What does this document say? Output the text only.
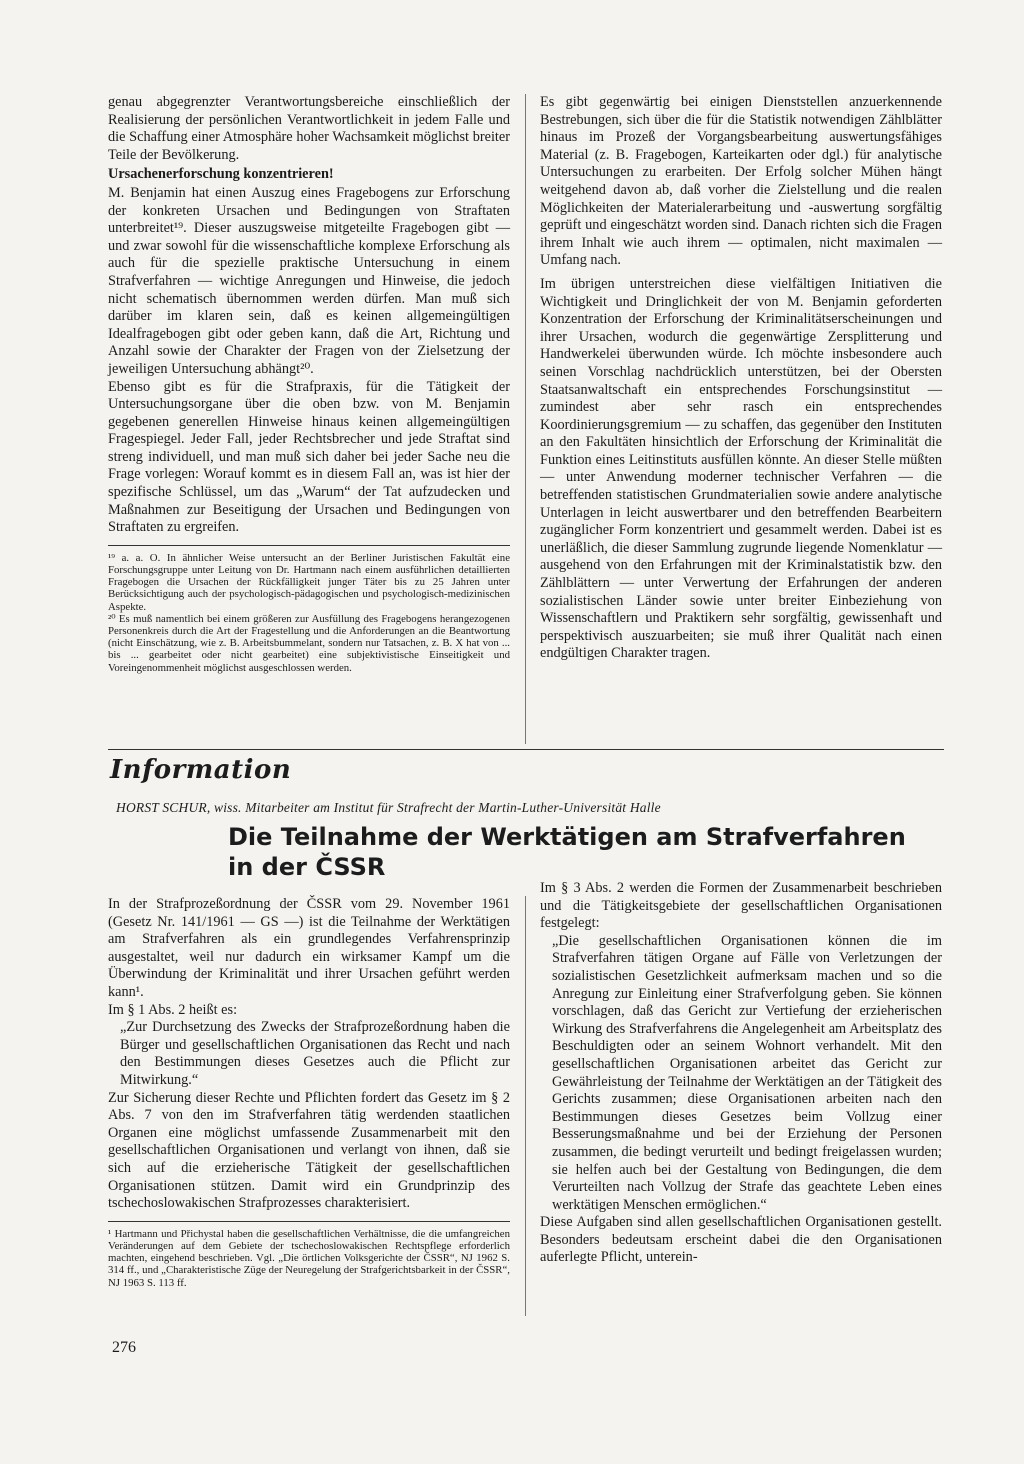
genau abgegrenzter Verantwortungsbereiche einschließlich der Realisierung der persönlichen Verantwortlichkeit in jedem Falle und die Schaffung einer Atmosphäre hoher Wachsamkeit möglichst breiter Teile der Bevölkerung.

Ursachenerforschung konzentrieren!

M. Benjamin hat einen Auszug eines Fragebogens zur Erforschung der konkreten Ursachen und Bedingungen von Straftaten unterbreitet¹⁹. Dieser auszugsweise mitgeteilte Fragebogen gibt — und zwar sowohl für die wissenschaftliche komplexe Erforschung als auch für die spezielle praktische Untersuchung in einem Strafverfahren — wichtige Anregungen und Hinweise, die jedoch nicht schematisch übernommen werden dürfen. Man muß sich darüber im klaren sein, daß es keinen allgemeingültigen Idealfragebogen gibt oder geben kann, daß die Art, Richtung und Anzahl sowie der Charakter der Fragen von der Zielsetzung der jeweiligen Untersuchung abhängt²⁰.

Ebenso gibt es für die Strafpraxis, für die Tätigkeit der Untersuchungsorgane über die oben bzw. von M. Benjamin gegebenen generellen Hinweise hinaus keinen allgemeingültigen Fragespiegel. Jeder Fall, jeder Rechtsbrecher und jede Straftat sind streng individuell, und man muß sich daher bei jeder Sache neu die Frage vorlegen: Worauf kommt es in diesem Fall an, was ist hier der spezifische Schlüssel, um das „Warum“ der Tat aufzudecken und Maßnahmen zur Beseitigung der Ursachen und Bedingungen von Straftaten zu ergreifen.

¹⁹ a. a. O. In ähnlicher Weise untersucht an der Berliner Juristischen Fakultät eine Forschungsgruppe unter Leitung von Dr. Hartmann nach einem ausführlichen detaillierten Fragebogen die Ursachen der Rückfälligkeit junger Täter bis zu 25 Jahren unter Berücksichtigung auch der psychologisch-pädagogischen und psychologisch-medizinischen Aspekte.

²⁰ Es muß namentlich bei einem größeren zur Ausfüllung des Fragebogens herangezogenen Personenkreis durch die Art der Fragestellung und die Anforderungen an die Beantwortung (nicht Einschätzung, wie z. B. Arbeitsbummelant, sondern nur Tatsachen, z. B. X hat von ... bis ... gearbeitet oder nicht gearbeitet) eine subjektivistische Einseitigkeit und Voreingenommenheit möglichst ausgeschlossen werden.

Es gibt gegenwärtig bei einigen Dienststellen anzuerkennende Bestrebungen, sich über die für die Statistik notwendigen Zählblätter hinaus im Prozeß der Vorgangsbearbeitung auswertungsfähiges Material (z. B. Fragebogen, Karteikarten oder dgl.) für analytische Untersuchungen zu erarbeiten. Der Erfolg solcher Mühen hängt weitgehend davon ab, daß vorher die Zielstellung und die realen Möglichkeiten der Materialerarbeitung und -auswertung sorgfältig geprüft und eingeschätzt worden sind. Danach richten sich die Fragen ihrem Inhalt wie auch ihrem — optimalen, nicht maximalen — Umfang nach.

Im übrigen unterstreichen diese vielfältigen Initiativen die Wichtigkeit und Dringlichkeit der von M. Benjamin geforderten Konzentration der Erforschung der Kriminalitätserscheinungen und ihrer Ursachen, wodurch die gegenwärtige Zersplitterung und Handwerkelei überwunden würde. Ich möchte insbesondere auch seinen Vorschlag nachdrücklich unterstützen, bei der Obersten Staatsanwaltschaft ein entsprechendes Forschungsinstitut — zumindest aber sehr rasch ein entsprechendes Koordinierungsgremium — zu schaffen, das gegenüber den Instituten an den Fakultäten hinsichtlich der Erforschung der Kriminalität die Funktion eines Leitinstituts ausfüllen könnte. An dieser Stelle müßten — unter Anwendung moderner technischer Verfahren — die betreffenden statistischen Grundmaterialien sowie andere analytische Unterlagen in leicht auswertbarer und den betreffenden Bearbeitern zugänglicher Form konzentriert und gesammelt werden. Dabei ist es unerläßlich, die dieser Sammlung zugrunde liegende Nomenklatur — ausgehend von den Erfahrungen mit der Kriminalstatistik bzw. den Zählblättern — unter Verwertung der Erfahrungen der anderen sozialistischen Länder sowie unter breiter Einbeziehung von Wissenschaftlern und Praktikern sehr sorgfältig, gewissenhaft und perspektivisch auszuarbeiten; sie muß ihrer Qualität nach einen endgültigen Charakter tragen.

Information
HORST SCHUR, wiss. Mitarbeiter am Institut für Strafrecht der Martin-Luther-Universität Halle
Die Teilnahme der Werktätigen am Strafverfahren
in der ČSSR

In der Strafprozeßordnung der ČSSR vom 29. November 1961 (Gesetz Nr. 141/1961 — GS —) ist die Teilnahme der Werktätigen am Strafverfahren als ein grundlegendes Verfahrensprinzip ausgestaltet, weil nur dadurch ein wirksamer Kampf um die Überwindung der Kriminalität und ihrer Ursachen geführt werden kann¹.

Im § 1 Abs. 2 heißt es:

„Zur Durchsetzung des Zwecks der Strafprozeßordnung haben die Bürger und gesellschaftlichen Organisationen das Recht und nach den Bestimmungen dieses Gesetzes auch die Pflicht zur Mitwirkung.“

Zur Sicherung dieser Rechte und Pflichten fordert das Gesetz im § 2 Abs. 7 von den im Strafverfahren tätig werdenden staatlichen Organen eine möglichst umfassende Zusammenarbeit mit den gesellschaftlichen Organisationen und verlangt von ihnen, daß sie sich auf die erzieherische Tätigkeit der gesellschaftlichen Organisationen stützen. Damit wird ein Grundprinzip des tschechoslowakischen Strafprozesses charakterisiert.

¹ Hartmann und Přichystal haben die gesellschaftlichen Verhältnisse, die die umfangreichen Veränderungen auf dem Gebiete der tschechoslowakischen Rechtspflege erforderlich machten, eingehend beschrieben. Vgl. „Die örtlichen Volksgerichte der ČSSR“, NJ 1962 S. 314 ff., und „Charakteristische Züge der Neuregelung der Strafgerichtsbarkeit in der ČSSR“, NJ 1963 S. 113 ff.

Im § 3 Abs. 2 werden die Formen der Zusammenarbeit beschrieben und die Tätigkeitsgebiete der gesellschaftlichen Organisationen festgelegt:

„Die gesellschaftlichen Organisationen können die im Strafverfahren tätigen Organe auf Fälle von Verletzungen der sozialistischen Gesetzlichkeit aufmerksam machen und so die Anregung zur Einleitung einer Strafverfolgung geben. Sie können vorschlagen, daß das Gericht zur Vertiefung der erzieherischen Wirkung des Strafverfahrens die Angelegenheit am Arbeitsplatz des Beschuldigten oder an seinem Wohnort verhandelt. Mit den gesellschaftlichen Organisationen arbeitet das Gericht zur Gewährleistung der Teilnahme der Werktätigen an der Tätigkeit des Gerichts zusammen; diese Organisationen arbeiten nach den Bestimmungen dieses Gesetzes beim Vollzug einer Besserungsmaßnahme und bei der Erziehung der Personen zusammen, die bedingt verurteilt und bedingt freigelassen wurden; sie helfen auch bei der Gestaltung von Bedingungen, die dem Verurteilten nach Vollzug der Strafe das geachtete Leben eines werktätigen Menschen ermöglichen.“

Diese Aufgaben sind allen gesellschaftlichen Organisationen gestellt. Besonders bedeutsam erscheint dabei die den Organisationen auferlegte Pflicht, unterein-

276
